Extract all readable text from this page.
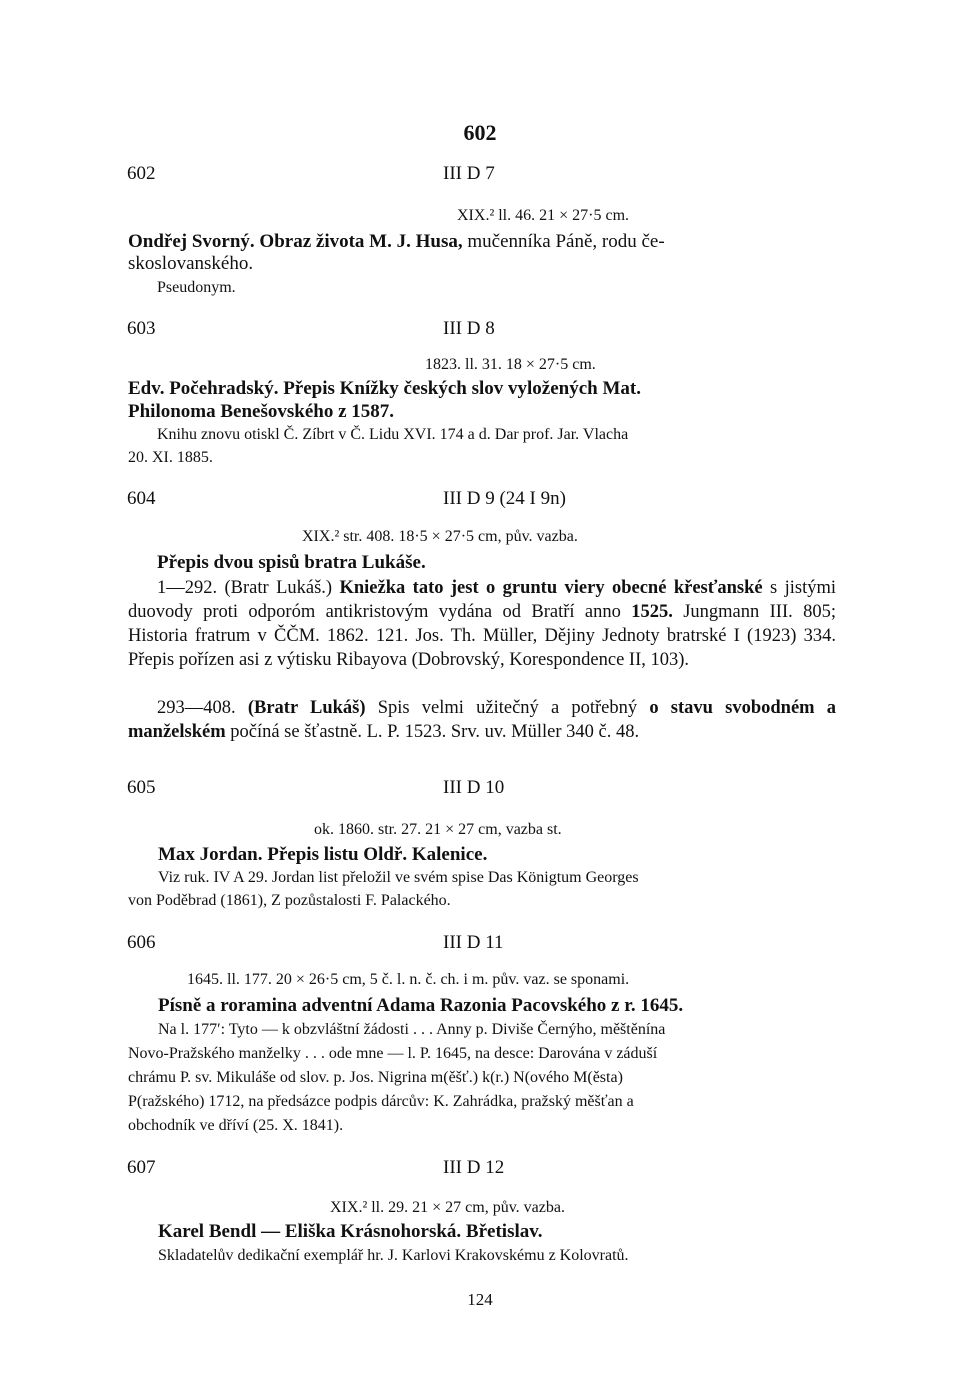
602
602	III D 7
XIX.² ll. 46. 21 × 27·5 cm.
Ondřej Svorný. Obraz života M. J. Husa, mučenníka Páně, rodu če-
skoslovanského.
Pseudonym.
603	III D 8
1823. ll. 31. 18 × 27·5 cm.
Edv. Počehradský. Přepis Knížky českých slov vyložených Mat.
Philonoma Benešovského z 1587.
Knihu znovu otiskl Č. Zíbrt v Č. Lidu XVI. 174 a d. Dar prof. Jar. Vlacha
20. XI. 1885.
604	III D 9 (24 I 9n)
XIX.² str. 408. 18·5 × 27·5 cm, pův. vazba.
Přepis dvou spisů bratra Lukáše.
1—292. (Bratr Lukáš.) Kniežka tato jest o gruntu viery obecné křesťanské s jistými duovody proti odporóm antikristovým vydána od Bratří anno 1525. Jungmann III. 805; Historia fratrum v ČČM. 1862. 121. Jos. Th. Müller, Dějiny Jednoty bratrské I (1923) 334. Přepis pořízen asi z výtisku Ribayova (Dobrovský, Korespondence II, 103).
293—408. (Bratr Lukáš) Spis velmi užitečný a potřebný o stavu svobodném a manželském počíná se šťastně. L. P. 1523. Srv. uv. Müller 340 č. 48.
605	III D 10
ok. 1860. str. 27. 21 × 27 cm, vazba st.
Max Jordan. Přepis listu Oldř. Kalenice.
Viz ruk. IV A 29. Jordan list přeložil ve svém spise Das Königtum Georges
von Poděbrad (1861), Z pozůstalosti F. Palackého.
606	III D 11
1645. ll. 177. 20 × 26·5 cm, 5 č. l. n. č. ch. i m. pův. vaz. se sponami.
Písně a roramina adventní Adama Razonia Pacovského z r. 1645.
Na l. 177′: Tyto — k obzvláštní žádosti . . . Anny p. Diviše Černýho, měštěnína
Novo-Pražského manželky . . . ode mne — l. P. 1645, na desce: Darována v záduší
chrámu P. sv. Mikuláše od slov. p. Jos. Nigrina m(ěšť.) k(r.) N(ového M(ěsta)
P(ražského) 1712, na předsázce podpis dárcův: K. Zahrádka, pražský měšťan a
obchodník ve dříví (25. X. 1841).
607	III D 12
XIX.² ll. 29. 21 × 27 cm, pův. vazba.
Karel Bendl — Eliška Krásnohorská. Břetislav.
Skladatelův dedikační exemplář hr. J. Karlovi Krakovskému z Kolovratů.
124
